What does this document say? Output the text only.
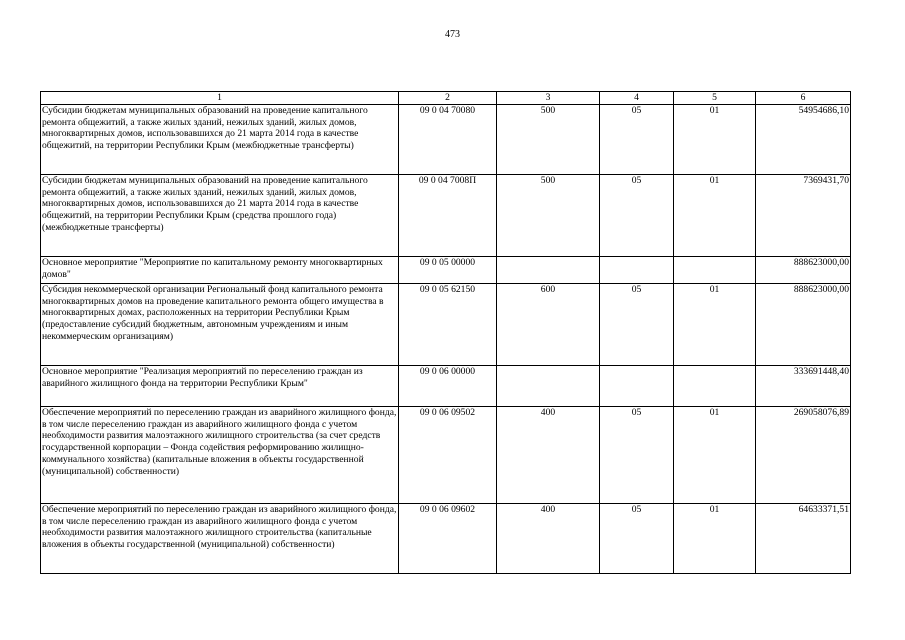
473
1	2	3	4	5	6
Субсидии бюджетам муниципальных образований на проведение капитального ремонта общежитий, а также жилых зданий, нежилых зданий, жилых домов, многоквартирных домов, использовавшихся до 21 марта 2014 года в качестве общежитий, на территории Республики Крым (межбюджетные трансферты)	09 0 04 70080	500	05	01	54954686,10
Субсидии бюджетам муниципальных образований на проведение капитального ремонта общежитий, а также жилых зданий, нежилых зданий, жилых домов, многоквартирных домов, использовавшихся до 21 марта 2014 года в качестве общежитий, на территории Республики Крым (средства прошлого года) (межбюджетные трансферты)	09 0 04 7008П	500	05	01	7369431,70
Основное мероприятие "Мероприятие по капитальному ремонту многоквартирных домов"	09 0 05 00000				888623000,00
Субсидия некоммерческой организации Региональный фонд капитального ремонта многоквартирных домов на проведение капитального ремонта общего имущества в многоквартирных домах, расположенных на территории Республики Крым (предоставление субсидий бюджетным, автономным учреждениям и иным некоммерческим организациям)	09 0 05 62150	600	05	01	888623000,00
Основное мероприятие "Реализация мероприятий по переселению граждан из аварийного жилищного фонда на территории Республики Крым"	09 0 06 00000				333691448,40
Обеспечение мероприятий по переселению граждан из аварийного жилищного фонда, в том числе переселению граждан из аварийного жилищного фонда с учетом необходимости развития малоэтажного жилищного строительства (за счет средств государственной корпорации – Фонда содействия реформированию жилищно-коммунального хозяйства) (капитальные вложения в объекты государственной (муниципальной) собственности)	09 0 06 09502	400	05	01	269058076,89
Обеспечение мероприятий по переселению граждан из аварийного жилищного фонда, в том числе переселению граждан из аварийного жилищного фонда с учетом необходимости развития малоэтажного жилищного строительства (капитальные вложения в объекты государственной (муниципальной) собственности)	09 0 06 09602	400	05	01	64633371,51
